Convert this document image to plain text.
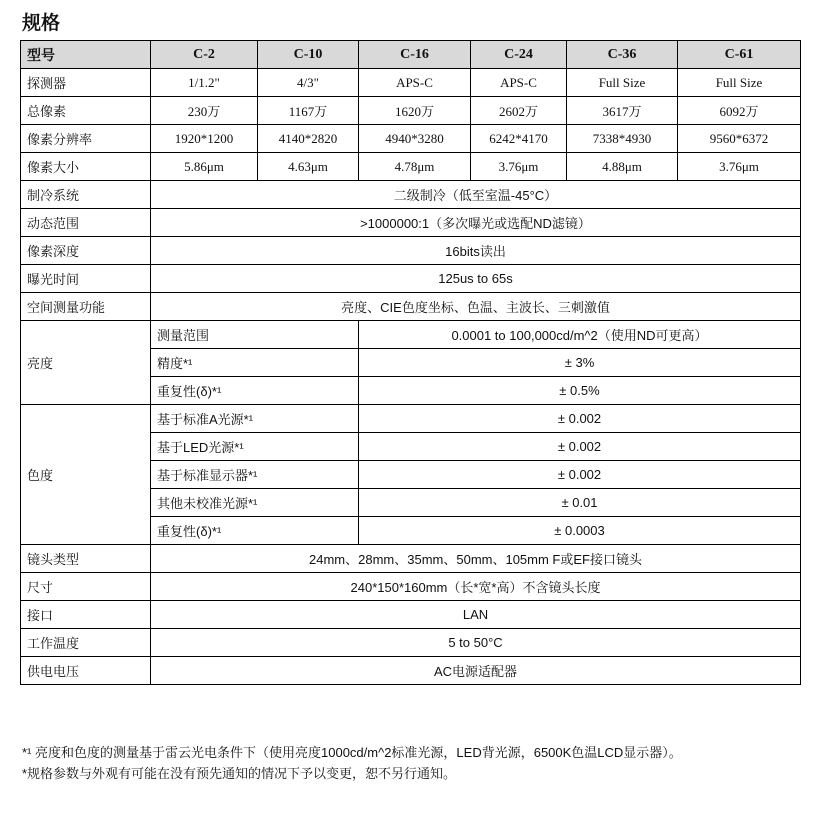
规格
型号	C-2	C-10	C-16	C-24	C-36	C-61
探测器	1/1.2"	4/3"	APS-C	APS-C	Full Size	Full Size
总像素	230万	1167万	1620万	2602万	3617万	6092万
像素分辨率	1920*1200	4140*2820	4940*3280	6242*4170	7338*4930	9560*6372
像素大小	5.86μm	4.63μm	4.78μm	3.76μm	4.88μm	3.76μm
制冷系统	二级制冷（低至室温-45°C）					
动态范围	>1000000:1（多次曝光或选配ND滤镜）					
像素深度	16bits读出					
曝光时间	125us to 65s					
空间测量功能	亮度、CIE色度坐标、色温、主波长、三刺激值					
亮度	测量范围		0.0001 to 100,000cd/m^2（使用ND可更高）			
	精度*¹		± 3%			
	重复性(δ)*¹		± 0.5%			
色度	基于标准A光源*¹		± 0.002			
	基于LED光源*¹		± 0.002			
	基于标准显示器*¹		± 0.002			
	其他未校准光源*¹		± 0.01			
	重复性(δ)*¹		± 0.0003			
镜头类型	24mm、28mm、35mm、50mm、105mm F或EF接口镜头					
尺寸	240*150*160mm（长*宽*高）不含镜头长度					
接口	LAN					
工作温度	5 to 50°C					
供电电压	AC电源适配器					
*¹ 亮度和色度的测量基于雷云光电条件下（使用亮度1000cd/m^2标准光源，LED背光源，6500K色温LCD显示器）。
*规格参数与外观有可能在没有预先通知的情况下予以变更，恕不另行通知。
